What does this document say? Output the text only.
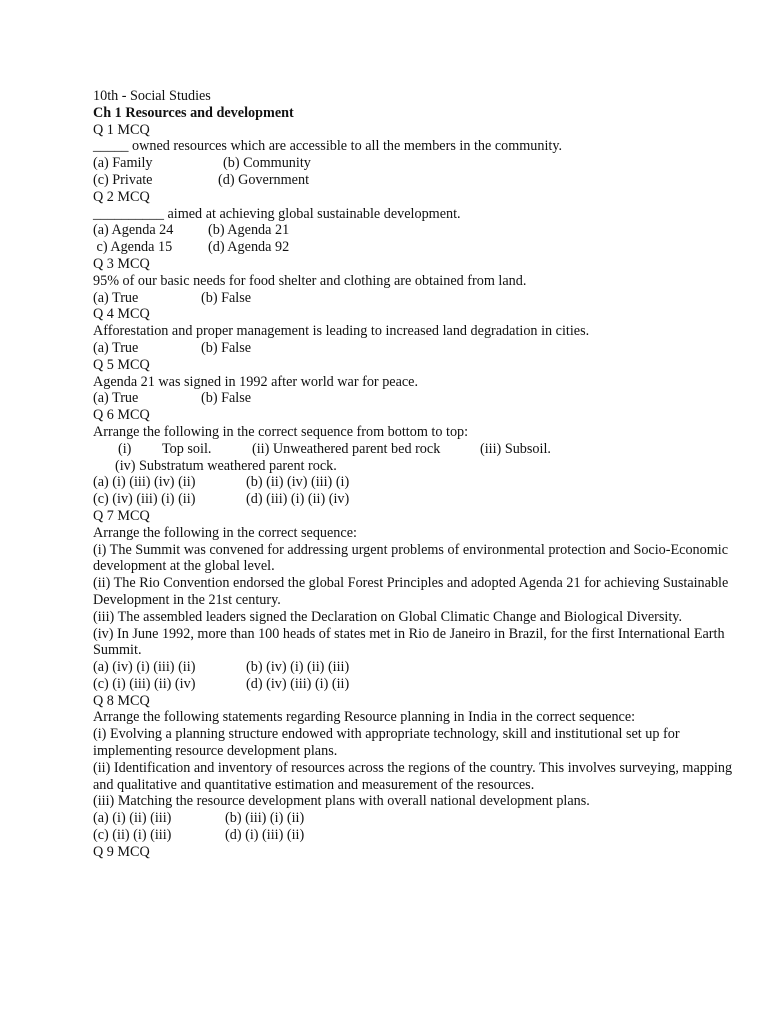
10th - Social Studies
Ch 1 Resources and development
Q 1 MCQ
_____ owned resources which are accessible to all the members in the community.
(a) Family	(b) Community
(c) Private	(d) Government
Q 2 MCQ
__________ aimed at achieving global sustainable development.
(a) Agenda 24 (b) Agenda 21
c) Agenda 15	(d) Agenda 92
Q 3 MCQ
95% of our basic needs for food shelter and clothing are obtained from land.
(a) True	(b) False
Q 4 MCQ
Afforestation and proper management is leading to increased land degradation in cities.
(a) True	(b) False
Q 5 MCQ
Agenda 21 was signed in 1992 after world war for peace.
(a) True	(b) False
Q 6 MCQ
Arrange the following in the correct sequence from bottom to top:
(i) Top soil.	(ii) Unweathered parent bed rock	(iii) Subsoil.
(iv) Substratum weathered parent rock.
(a) (i) (iii) (iv) (ii)	(b) (ii) (iv) (iii) (i)
(c) (iv) (iii) (i) (ii)	(d) (iii) (i) (ii) (iv)
Q 7 MCQ
Arrange the following in the correct sequence:
(i) The Summit was convened for addressing urgent problems of environmental protection and Socio-Economic development at the global level.
(ii) The Rio Convention endorsed the global Forest Principles and adopted Agenda 21 for achieving Sustainable Development in the 21st century.
(iii) The assembled leaders signed the Declaration on Global Climatic Change and Biological Diversity.
(iv) In June 1992, more than 100 heads of states met in Rio de Janeiro in Brazil, for the first International Earth Summit.
(a) (iv) (i) (iii) (ii)	(b) (iv) (i) (ii) (iii)
(c) (i) (iii) (ii) (iv)	(d) (iv) (iii) (i) (ii)
Q 8 MCQ
Arrange the following statements regarding Resource planning in India in the correct sequence:
(i) Evolving a planning structure endowed with appropriate technology, skill and institutional set up for implementing resource development plans.
(ii) Identification and inventory of resources across the regions of the country. This involves surveying, mapping and qualitative and quantitative estimation and measurement of the resources.
(iii) Matching the resource development plans with overall national development plans.
(a) (i) (ii) (iii)	(b) (iii) (i) (ii)
(c) (ii) (i) (iii)	(d) (i) (iii) (ii)
Q 9 MCQ
